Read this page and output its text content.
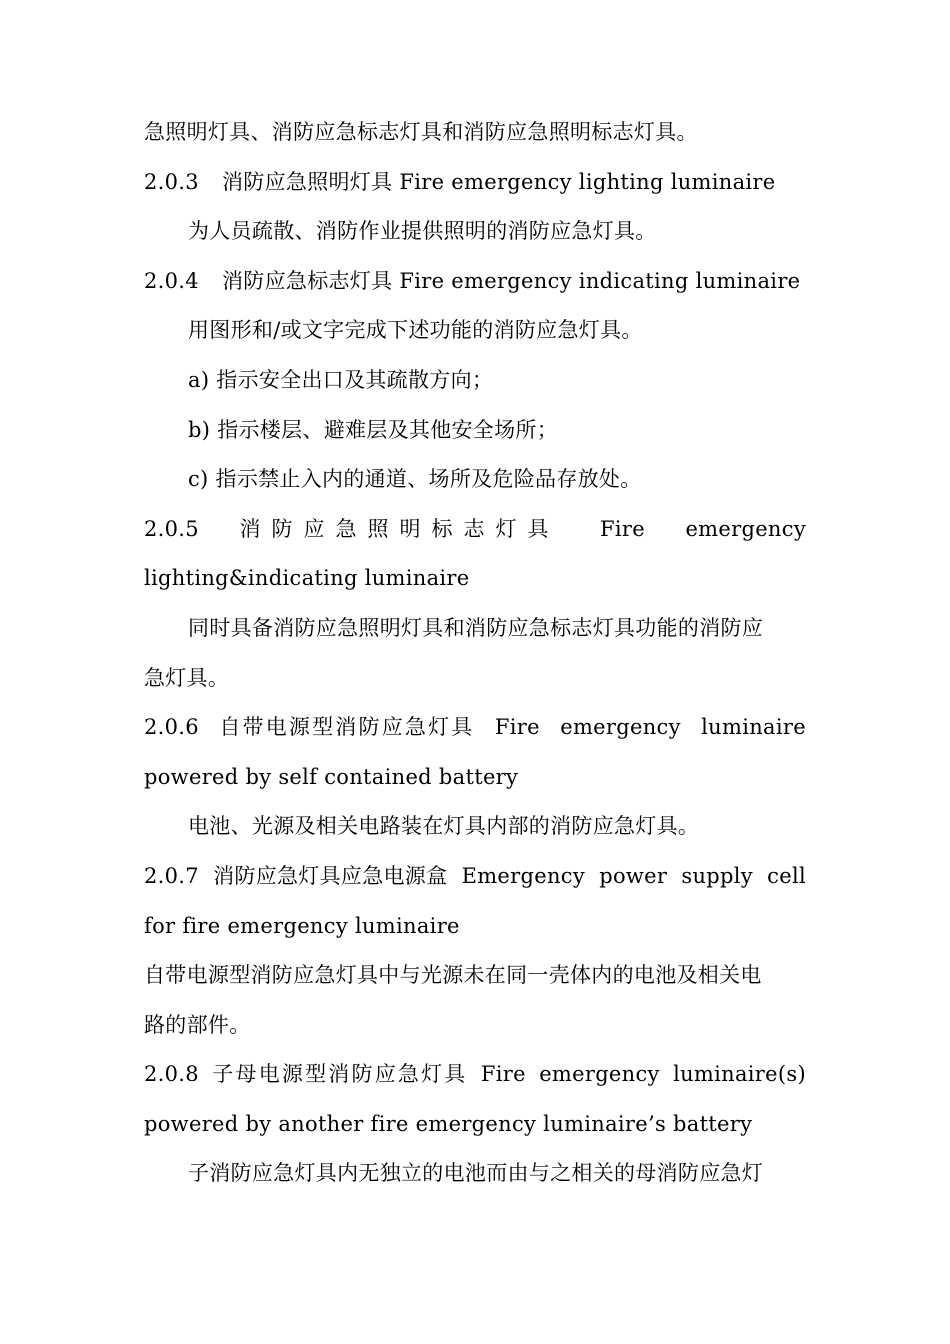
急照明灯具、消防应急标志灯具和消防应急照明标志灯具。
2.0.3 消防应急照明灯具 Fire emergency lighting luminaire
为人员疏散、消防作业提供照明的消防应急灯具。
2.0.4 消防应急标志灯具 Fire emergency indicating luminaire
用图形和/或文字完成下述功能的消防应急灯具。
a) 指示安全出口及其疏散方向；
b) 指示楼层、避难层及其他安全场所；
c) 指示禁止入内的通道、场所及危险品存放处。
2.0.5 消防应急照明标志灯具 Fire emergency
lighting&indicating luminaire
同时具备消防应急照明灯具和消防应急标志灯具功能的消防应
急灯具。
2.0.6 自带电源型消防应急灯具 Fire emergency luminaire
powered by self contained battery
电池、光源及相关电路装在灯具内部的消防应急灯具。
2.0.7 消防应急灯具应急电源盒 Emergency power supply cell
for fire emergency luminaire
自带电源型消防应急灯具中与光源未在同一壳体内的电池及相关电
路的部件。
2.0.8 子母电源型消防应急灯具 Fire emergency luminaire(s)
powered by another fire emergency luminaire’s battery
子消防应急灯具内无独立的电池而由与之相关的母消防应急灯
